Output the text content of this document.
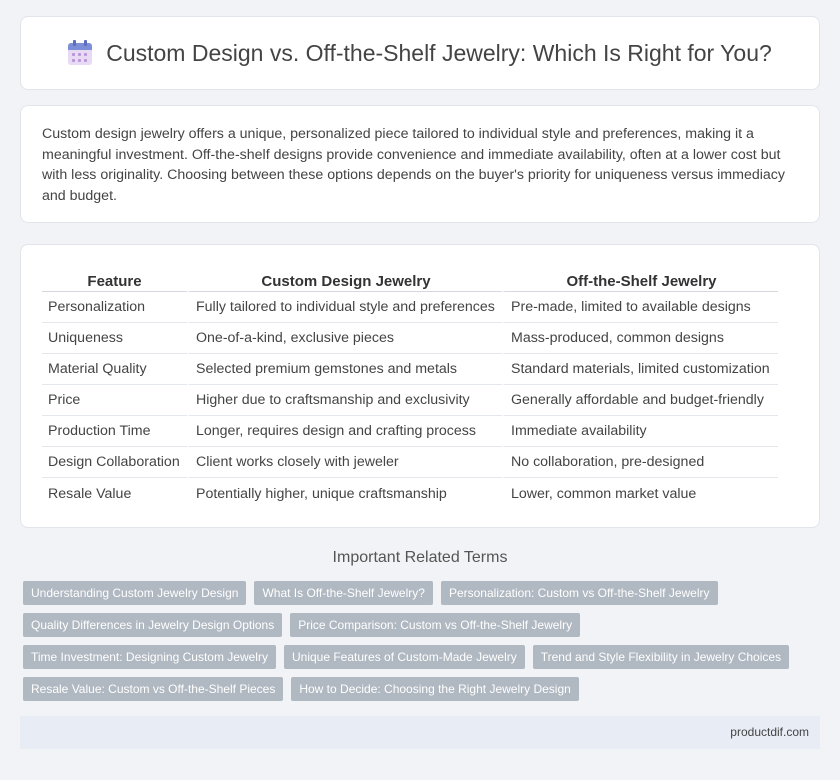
Custom Design vs. Off-the-Shelf Jewelry: Which Is Right for You?

Custom design jewelry offers a unique, personalized piece tailored to individual style and preferences, making it a meaningful investment. Off-the-shelf designs provide convenience and immediate availability, often at a lower cost but with less originality. Choosing between these options depends on the buyer's priority for uniqueness versus immediacy and budget.

Feature	Custom Design Jewelry	Off-the-Shelf Jewelry
Personalization	Fully tailored to individual style and preferences	Pre-made, limited to available designs
Uniqueness	One-of-a-kind, exclusive pieces	Mass-produced, common designs
Material Quality	Selected premium gemstones and metals	Standard materials, limited customization
Price	Higher due to craftsmanship and exclusivity	Generally affordable and budget-friendly
Production Time	Longer, requires design and crafting process	Immediate availability
Design Collaboration	Client works closely with jeweler	No collaboration, pre-designed
Resale Value	Potentially higher, unique craftsmanship	Lower, common market value
Important Related Terms
Understanding Custom Jewelry Design	What Is Off-the-Shelf Jewelry?	Personalization: Custom vs Off-the-Shelf Jewelry
Quality Differences in Jewelry Design Options	Price Comparison: Custom vs Off-the-Shelf Jewelry
Time Investment: Designing Custom Jewelry	Unique Features of Custom-Made Jewelry	Trend and Style Flexibility in Jewelry Choices
Resale Value: Custom vs Off-the-Shelf Pieces	How to Decide: Choosing the Right Jewelry Design
productdif.com
